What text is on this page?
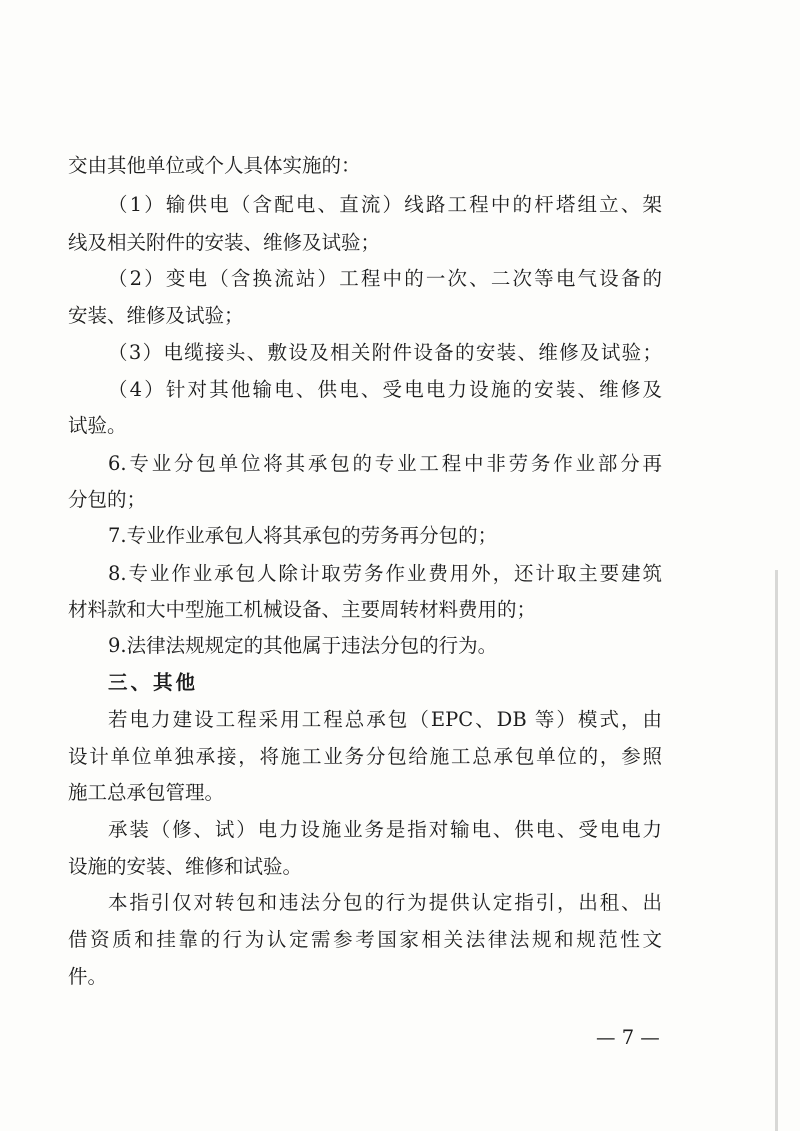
交由其他单位或个人具体实施的：
（1）输供电（含配电、直流）线路工程中的杆塔组立、架
线及相关附件的安装、维修及试验；
（2）变电（含换流站）工程中的一次、二次等电气设备的
安装、维修及试验；
（3）电缆接头、敷设及相关附件设备的安装、维修及试验；
（4）针对其他输电、供电、受电电力设施的安装、维修及
试验。
6.专业分包单位将其承包的专业工程中非劳务作业部分再
分包的；
7.专业作业承包人将其承包的劳务再分包的；
8.专业作业承包人除计取劳务作业费用外，还计取主要建筑
材料款和大中型施工机械设备、主要周转材料费用的；
9.法律法规规定的其他属于违法分包的行为。
三、其他
若电力建设工程采用工程总承包（EPC、DB 等）模式，由
设计单位单独承接，将施工业务分包给施工总承包单位的，参照
施工总承包管理。
承装（修、试）电力设施业务是指对输电、供电、受电电力
设施的安装、维修和试验。
本指引仅对转包和违法分包的行为提供认定指引，出租、出
借资质和挂靠的行为认定需参考国家相关法律法规和规范性文
件。
— 7 —
